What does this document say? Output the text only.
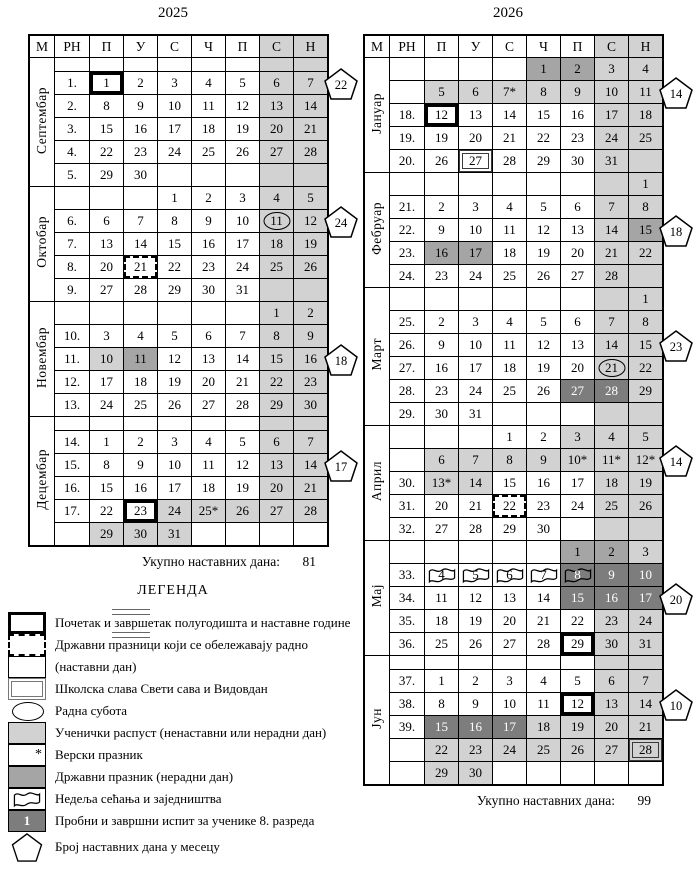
2025	2026
М	РН	П	У	С	Ч	П	С	Н
Септембар								
	1.	1	2	3	4	5	6	7
	2.	8	9	10	11	12	13	14
	3.	15	16	17	18	19	20	21
	4.	22	23	24	25	26	27	28
	5.	29	30					
Октобар				1	2	3	4	5
	6.	6	7	8	9	10	11	12
	7.	13	14	15	16	17	18	19
	8.	20	21	22	23	24	25	26
	9.	27	28	29	30	31		
Новембар							1	2
	10.	3	4	5	6	7	8	9
	11.	10	11	12	13	14	15	16
	12.	17	18	19	20	21	22	23
	13.	24	25	26	27	28	29	30
Децембар								
	14.	1	2	3	4	5	6	7
	15.	8	9	10	11	12	13	14
	16.	15	16	17	18	19	20	21
	17.	22	23	24	25*	26	27	28
		29	30	31				
22
24
18
17
М	РН	П	У	С	Ч	П	С	Н
Јануар					1	2	3	4
		5	6	7*	8	9	10	11
	18.	12	13	14	15	16	17	18
	19.	19	20	21	22	23	24	25
	20.	26	27	28	29	30	31	
Фебруар								1
	21.	2	3	4	5	6	7	8
	22.	9	10	11	12	13	14	15
	23.	16	17	18	19	20	21	22
	24.	23	24	25	26	27	28	
Март								1
	25.	2	3	4	5	6	7	8
	26.	9	10	11	12	13	14	15
	27.	16	17	18	19	20	21	22
	28.	23	24	25	26	27	28	29
	29.	30	31					
Април				1	2	3	4	5
		6	7	8	9	10*	11*	12*
	30.	13*	14	15	16	17	18	19
	31.	20	21	22	23	24	25	26
	32.	27	28	29	30			
Мај						1	2	3
	33.	4	5	6	7	8	9	10
	34.	11	12	13	14	15	16	17
	35.	18	19	20	21	22	23	24
	36.	25	26	27	28	29	30	31
Јун								
	37.	1	2	3	4	5	6	7
	38.	8	9	10	11	12	13	14
	39.	15	16	17	18	19	20	21
		22	23	24	25	26	27	28
		29	30					
14
18
23
14
20
10
Укупно наставних дана:	81
Укупно наставних дана:	99
ЛЕГЕНДА
Почетак и завршетак полугодишта и наставне године
Државни празници који се обележавају радно
(наставни дан)
Школска слава Свети сава и Видовдан
Радна субота
Ученички распуст (ненаставни или нерадни дан)
* Верски празник
Државни празник (нерадни дан)
Недеља сећања и заједништва
1	Пробни и завршни испит за ученике 8. разреда
Број наставних дана у месецу
